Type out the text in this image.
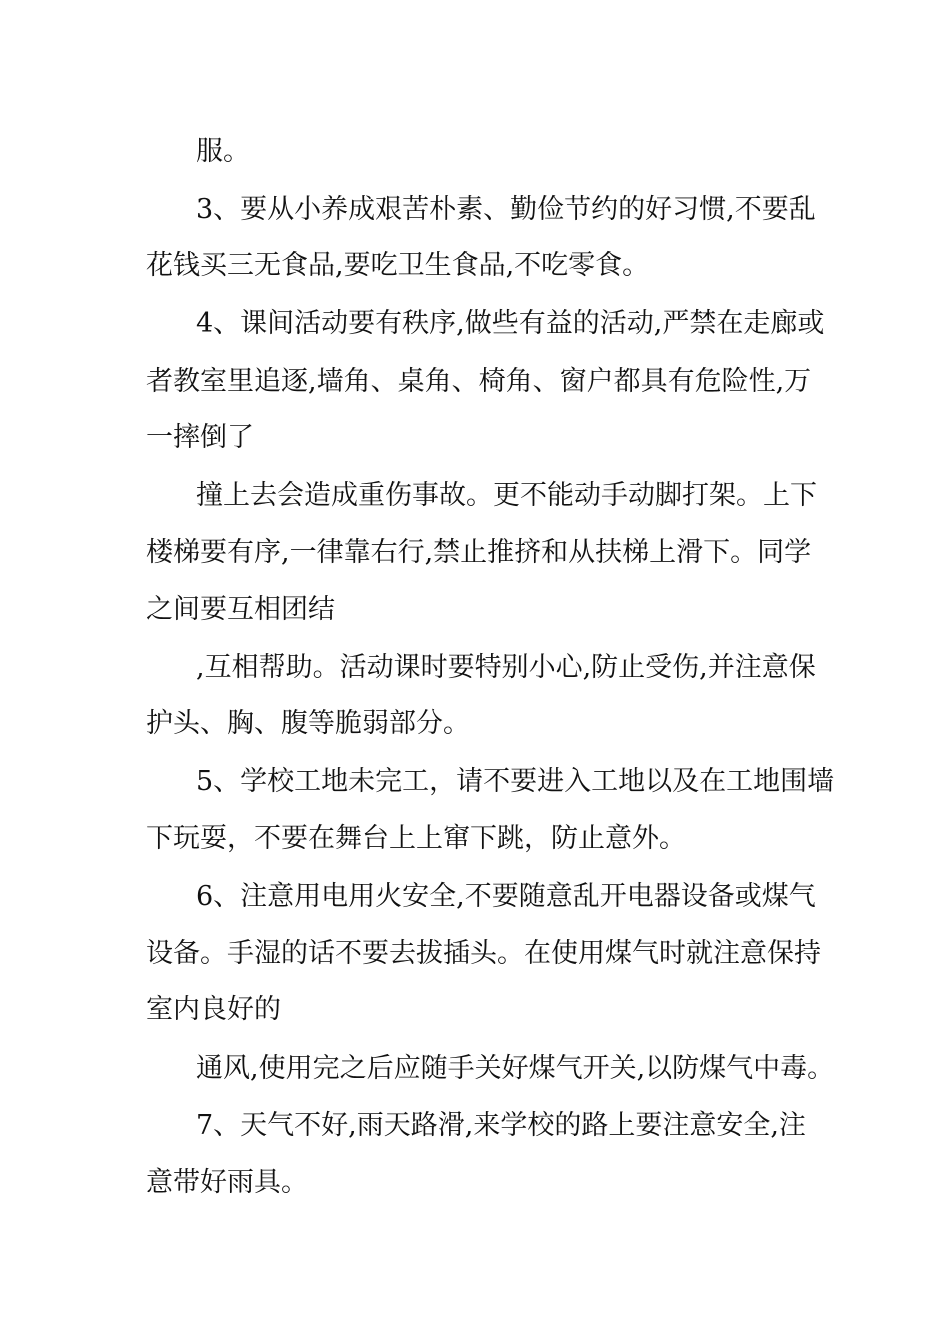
服。

3、要从小养成艰苦朴素、勤俭节约的好习惯,不要乱

花钱买三无食品,要吃卫生食品,不吃零食。

4、课间活动要有秩序,做些有益的活动,严禁在走廊或

者教室里追逐,墙角、桌角、椅角、窗户都具有危险性,万

一摔倒了

撞上去会造成重伤事故。更不能动手动脚打架。上下

楼梯要有序,一律靠右行,禁止推挤和从扶梯上滑下。同学

之间要互相团结

,互相帮助。活动课时要特别小心,防止受伤,并注意保

护头、胸、腹等脆弱部分。

5、学校工地未完工，请不要进入工地以及在工地围墙

下玩耍，不要在舞台上上窜下跳，防止意外。

6、注意用电用火安全,不要随意乱开电器设备或煤气

设备。手湿的话不要去拔插头。在使用煤气时就注意保持

室内良好的

通风,使用完之后应随手关好煤气开关,以防煤气中毒。

7、天气不好,雨天路滑,来学校的路上要注意安全,注

意带好雨具。
